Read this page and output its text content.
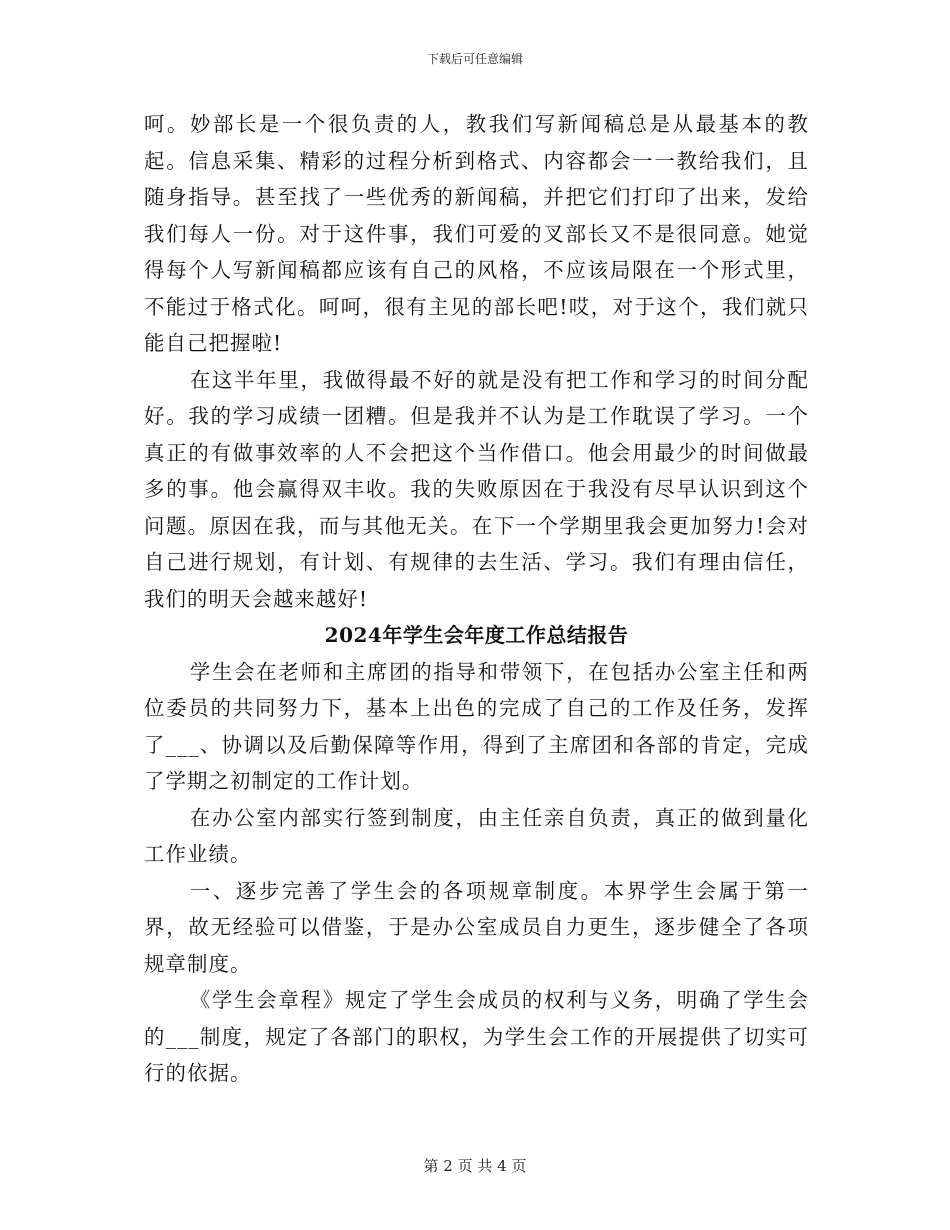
下载后可任意编辑

呵。妙部长是一个很负责的人，教我们写新闻稿总是从最基本的教起。信息采集、精彩的过程分析到格式、内容都会一一教给我们，且随身指导。甚至找了一些优秀的新闻稿，并把它们打印了出来，发给我们每人一份。对于这件事，我们可爱的叉部长又不是很同意。她觉得每个人写新闻稿都应该有自己的风格，不应该局限在一个形式里，不能过于格式化。呵呵，很有主见的部长吧!哎，对于这个，我们就只能自己把握啦!

在这半年里，我做得最不好的就是没有把工作和学习的时间分配好。我的学习成绩一团糟。但是我并不认为是工作耽误了学习。一个真正的有做事效率的人不会把这个当作借口。他会用最少的时间做最多的事。他会赢得双丰收。我的失败原因在于我没有尽早认识到这个问题。原因在我，而与其他无关。在下一个学期里我会更加努力!会对自己进行规划，有计划、有规律的去生活、学习。我们有理由信任，我们的明天会越来越好!

2024年学生会年度工作总结报告

学生会在老师和主席团的指导和带领下，在包括办公室主任和两位委员的共同努力下，基本上出色的完成了自己的工作及任务，发挥了___、协调以及后勤保障等作用，得到了主席团和各部的肯定，完成了学期之初制定的工作计划。

在办公室内部实行签到制度，由主任亲自负责，真正的做到量化工作业绩。

一、逐步完善了学生会的各项规章制度。本界学生会属于第一界，故无经验可以借鉴，于是办公室成员自力更生，逐步健全了各项规章制度。

《学生会章程》规定了学生会成员的权利与义务，明确了学生会的___制度，规定了各部门的职权，为学生会工作的开展提供了切实可行的依据。

第 2 页 共 4 页
